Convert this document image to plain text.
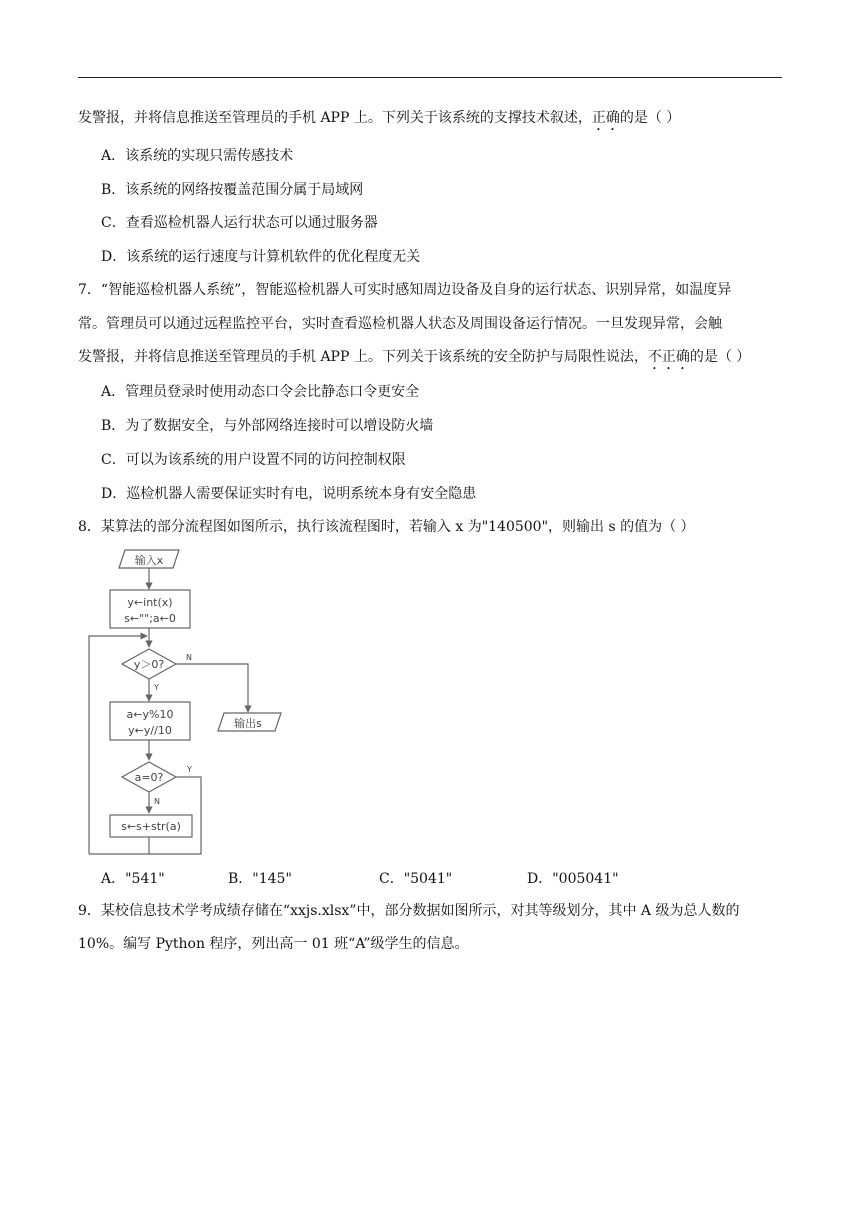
发警报，并将信息推送至管理员的手机 APP 上。下列关于该系统的支撑技术叙述，正确的是（ ）
A．该系统的实现只需传感技术
B．该系统的网络按覆盖范围分属于局域网
C．查看巡检机器人运行状态可以通过服务器
D．该系统的运行速度与计算机软件的优化程度无关
7．“智能巡检机器人系统”，智能巡检机器人可实时感知周边设备及自身的运行状态、识别异常，如温度异
常。管理员可以通过远程监控平台，实时查看巡检机器人状态及周围设备运行情况。一旦发现异常，会触
发警报，并将信息推送至管理员的手机 APP 上。下列关于该系统的安全防护与局限性说法，不正确的是（ ）
A．管理员登录时使用动态口令会比静态口令更安全
B．为了数据安全，与外部网络连接时可以增设防火墙
C．可以为该系统的用户设置不同的访问控制权限
D．巡检机器人需要保证实时有电，说明系统本身有安全隐患
8．某算法的部分流程图如图所示，执行该流程图时，若输入 x 为"140500"，则输出 s 的值为（ ）
输入x
y←int(x)
s←"";a←0
y＞0?
N
Y
输出s
a←y%10
y←y//10
a=0?
Y
N
s←s+str(a)
A．"541"	B．"145"	C．"5041"	D．"005041"
9．某校信息技术学考成绩存储在“xxjs.xlsx”中，部分数据如图所示，对其等级划分，其中 A 级为总人数的
10%。编写 Python 程序，列出高一 01 班“A”级学生的信息。
